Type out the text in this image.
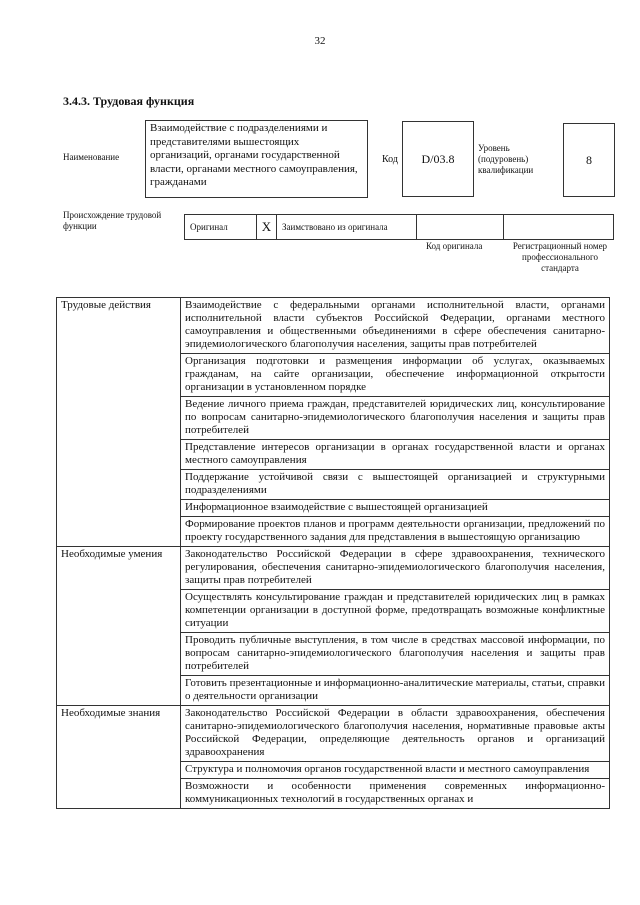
32
3.4.3. Трудовая функция
Наименование
Взаимодействие с подразделениями и представителями вышестоящих организаций, органами государственной власти, органами местного самоуправления, гражданами
Код	D/03.8
Уровень (подуровень) квалификации
8
Происхождение трудовой функции	Оригинал	X	Заимствовано из оригинала
Код оригинала	Регистрационный номер профессионального стандарта
Трудовые действия	Взаимодействие с федеральными органами исполнительной власти, органами исполнительной власти субъектов Российской Федерации, органами местного самоуправления и общественными объединениями в сфере обеспечения санитарно-эпидемиологического благополучия населения, защиты прав потребителей
	Организация подготовки и размещения информации об услугах, оказываемых гражданам, на сайте организации, обеспечение информационной открытости организации в установленном порядке
	Ведение личного приема граждан, представителей юридических лиц, консультирование по вопросам санитарно-эпидемиологического благополучия населения и защиты прав потребителей
	Представление интересов организации в органах государственной власти и органах местного самоуправления
	Поддержание устойчивой связи с вышестоящей организацией и структурными подразделениями
	Информационное взаимодействие с вышестоящей организацией
	Формирование проектов планов и программ деятельности организации, предложений по проекту государственного задания для представления в вышестоящую организацию
Необходимые умения	Законодательство Российской Федерации в сфере здравоохранения, технического регулирования, обеспечения санитарно-эпидемиологического благополучия населения, защиты прав потребителей
	Осуществлять консультирование граждан и представителей юридических лиц в рамках компетенции организации в доступной форме, предотвращать возможные конфликтные ситуации
	Проводить публичные выступления, в том числе в средствах массовой информации, по вопросам санитарно-эпидемиологического благополучия населения и защиты прав потребителей
	Готовить презентационные и информационно-аналитические материалы, статьи, справки о деятельности организации
Необходимые знания	Законодательство Российской Федерации в области здравоохранения, обеспечения санитарно-эпидемиологического благополучия населения, нормативные правовые акты Российской Федерации, определяющие деятельность органов и организаций здравоохранения
	Структура и полномочия органов государственной власти и местного самоуправления
	Возможности и особенности применения современных информационно-коммуникационных технологий в государственных органах и
